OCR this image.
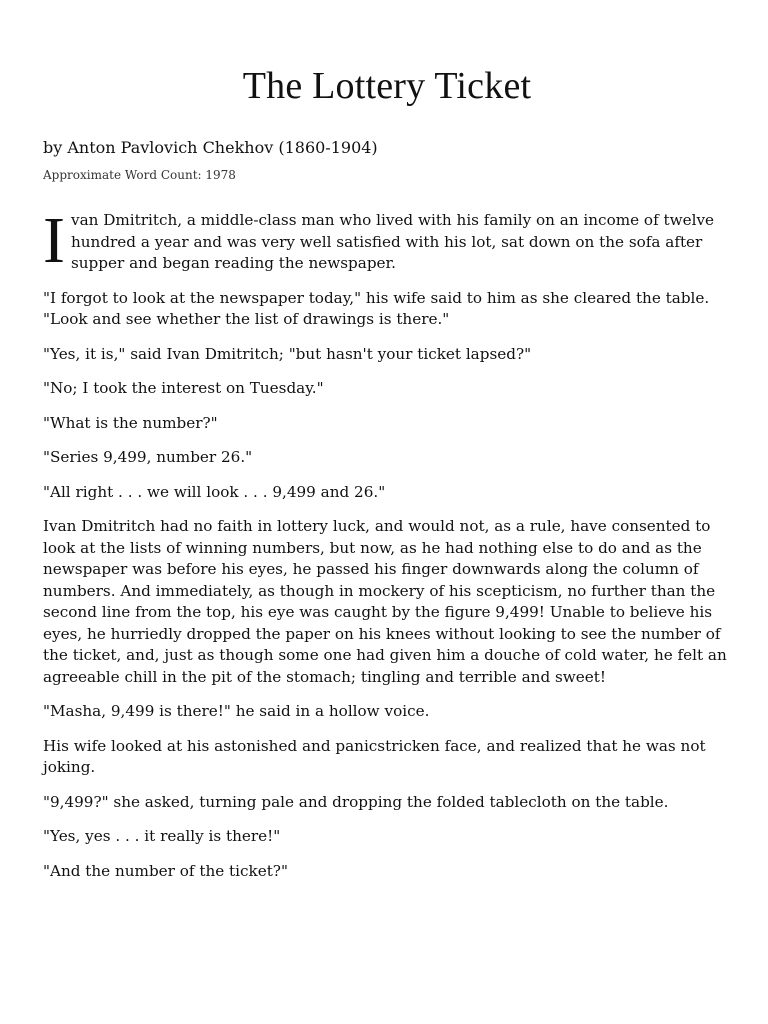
The Lottery Ticket

by Anton Pavlovich Chekhov (1860-1904)

Approximate Word Count: 1978

Ivan Dmitritch, a middle-class man who lived with his family on an income of twelve hundred a year and was very well satisfied with his lot, sat down on the sofa after supper and began reading the newspaper.

"I forgot to look at the newspaper today," his wife said to him as she cleared the table. "Look and see whether the list of drawings is there."

"Yes, it is," said Ivan Dmitritch; "but hasn't your ticket lapsed?"

"No; I took the interest on Tuesday."

"What is the number?"

"Series 9,499, number 26."

"All right . . . we will look . . . 9,499 and 26."

Ivan Dmitritch had no faith in lottery luck, and would not, as a rule, have consented to look at the lists of winning numbers, but now, as he had nothing else to do and as the newspaper was before his eyes, he passed his finger downwards along the column of numbers. And immediately, as though in mockery of his scepticism, no further than the second line from the top, his eye was caught by the figure 9,499! Unable to believe his eyes, he hurriedly dropped the paper on his knees without looking to see the number of the ticket, and, just as though some one had given him a douche of cold water, he felt an agreeable chill in the pit of the stomach; tingling and terrible and sweet!

"Masha, 9,499 is there!" he said in a hollow voice.

His wife looked at his astonished and panicstricken face, and realized that he was not joking.

"9,499?" she asked, turning pale and dropping the folded tablecloth on the table.

"Yes, yes . . . it really is there!"

"And the number of the ticket?"
